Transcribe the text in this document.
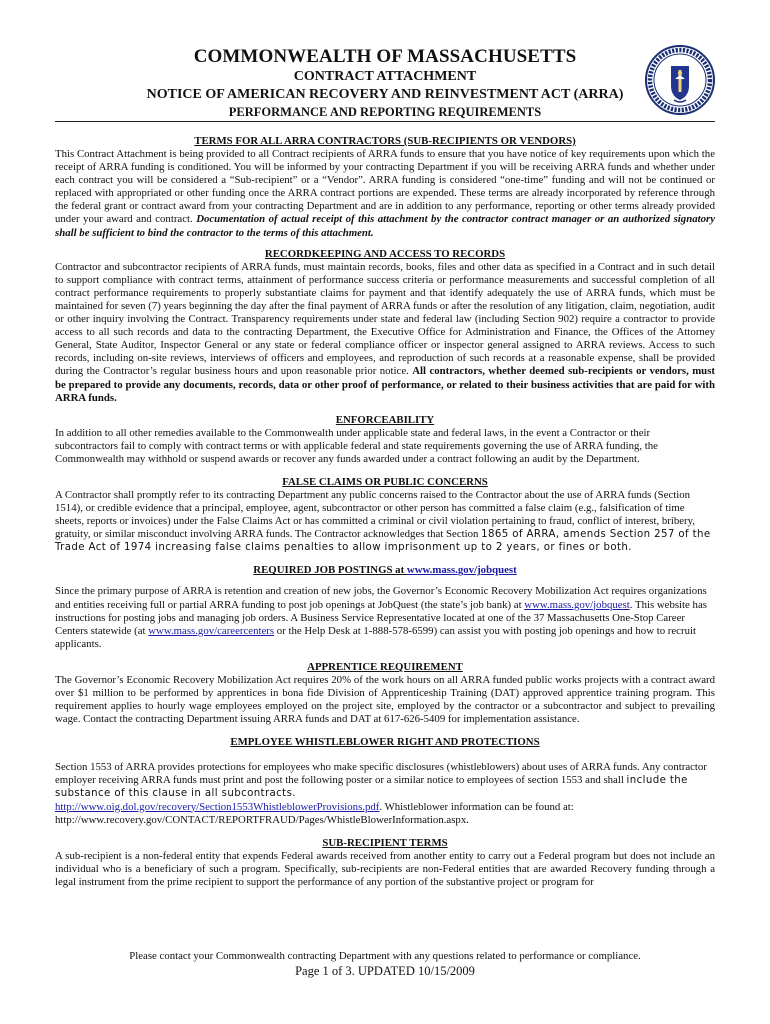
COMMONWEALTH OF MASSACHUSETTS
CONTRACT ATTACHMENT
NOTICE OF AMERICAN RECOVERY AND REINVESTMENT ACT (ARRA)
PERFORMANCE AND REPORTING REQUIREMENTS
TERMS FOR ALL ARRA CONTRACTORS (SUB-RECIPIENTS OR VENDORS)

This Contract Attachment is being provided to all Contract recipients of ARRA funds to ensure that you have notice of key requirements upon which the receipt of ARRA funding is conditioned. You will be informed by your contracting Department if you will be receiving ARRA funds and whether under each contract you will be considered a “Sub-recipient” or a “Vendor”. ARRA funding is considered “one-time” funding and will not be continued or replaced with appropriated or other funding once the ARRA contract portions are expended. These terms are already incorporated by reference through the federal grant or contract award from your contracting Department and are in addition to any performance, reporting or other terms already provided under your award and contract. Documentation of actual receipt of this attachment by the contractor contract manager or an authorized signatory shall be sufficient to bind the contractor to the terms of this attachment.

RECORDKEEPING AND ACCESS TO RECORDS

Contractor and subcontractor recipients of ARRA funds, must maintain records, books, files and other data as specified in a Contract and in such detail to support compliance with contract terms, attainment of performance success criteria or performance measurements and successful completion of all contract performance requirements to properly substantiate claims for payment and that identify adequately the use of ARRA funds, which must be maintained for seven (7) years beginning the day after the final payment of ARRA funds or after the resolution of any litigation, claim, negotiation, audit or other inquiry involving the Contract. Transparency requirements under state and federal law (including Section 902) require a contractor to provide access to all such records and data to the contracting Department, the Executive Office for Administration and Finance, the Offices of the Attorney General, State Auditor, Inspector General or any state or federal compliance officer or inspector general assigned to ARRA reviews. Access to such records, including on-site reviews, interviews of officers and employees, and reproduction of such records at a reasonable expense, shall be provided during the Contractor’s regular business hours and upon reasonable prior notice. All contractors, whether deemed sub-recipients or vendors, must be prepared to provide any documents, records, data or other proof of performance, or related to their business activities that are paid for with ARRA funds.

ENFORCEABILITY

In addition to all other remedies available to the Commonwealth under applicable state and federal laws, in the event a Contractor or their subcontractors fail to comply with contract terms or with applicable federal and state requirements governing the use of ARRA funding, the Commonwealth may withhold or suspend awards or recover any funds awarded under a contract following an audit by the Department.

FALSE CLAIMS OR PUBLIC CONCERNS

A Contractor shall promptly refer to its contracting Department any public concerns raised to the Contractor about the use of ARRA funds (Section 1514), or credible evidence that a principal, employee, agent, subcontractor or other person has committed a false claim (e.g., falsification of time sheets, reports or invoices) under the False Claims Act or has committed a criminal or civil violation pertaining to fraud, conflict of interest, bribery, gratuity, or similar misconduct involving ARRA funds. The Contractor acknowledges that Section 1865 of ARRA, amends Section 257 of the Trade Act of 1974 increasing false claims penalties to allow imprisonment up to 2 years, or fines or both.

REQUIRED JOB POSTINGS at www.mass.gov/jobquest

Since the primary purpose of ARRA is retention and creation of new jobs, the Governor’s Economic Recovery Mobilization Act requires organizations and entities receiving full or partial ARRA funding to post job openings at JobQuest (the state’s job bank) at www.mass.gov/jobquest. This website has instructions for posting jobs and managing job orders. A Business Service Representative located at one of the 37 Massachusetts One-Stop Career Centers statewide (at www.mass.gov/careercenters or the Help Desk at 1-888-578-6599) can assist you with posting job openings and how to recruit applicants.

APPRENTICE REQUIREMENT

The Governor’s Economic Recovery Mobilization Act requires 20% of the work hours on all ARRA funded public works projects with a contract award over $1 million to be performed by apprentices in bona fide Division of Apprenticeship Training (DAT) approved apprentice training program. This requirement applies to hourly wage employees employed on the project site, employed by the contractor or a subcontractor and subject to prevailing wage. Contact the contracting Department issuing ARRA funds and DAT at 617-626-5409 for implementation assistance.

EMPLOYEE WHISTLEBLOWER RIGHT AND PROTECTIONS

Section 1553 of ARRA provides protections for employees who make specific disclosures (whistleblowers) about uses of ARRA funds. Any contractor employer receiving ARRA funds must print and post the following poster or a similar notice to employees of section 1553 and shall include the substance of this clause in all subcontracts.
http://www.oig.dol.gov/recovery/Section1553WhistleblowerProvisions.pdf. Whistleblower information can be found at: http://www.recovery.gov/CONTACT/REPORTFRAUD/Pages/WhistleBlowerInformation.aspx.

SUB-RECIPIENT TERMS

A sub-recipient is a non-federal entity that expends Federal awards received from another entity to carry out a Federal program but does not include an individual who is a beneficiary of such a program. Specifically, sub-recipients are non-Federal entities that are awarded Recovery funding through a legal instrument from the prime recipient to support the performance of any portion of the substantive project or program for

Please contact your Commonwealth contracting Department with any questions related to performance or compliance.
Page 1 of 3. UPDATED 10/15/2009
